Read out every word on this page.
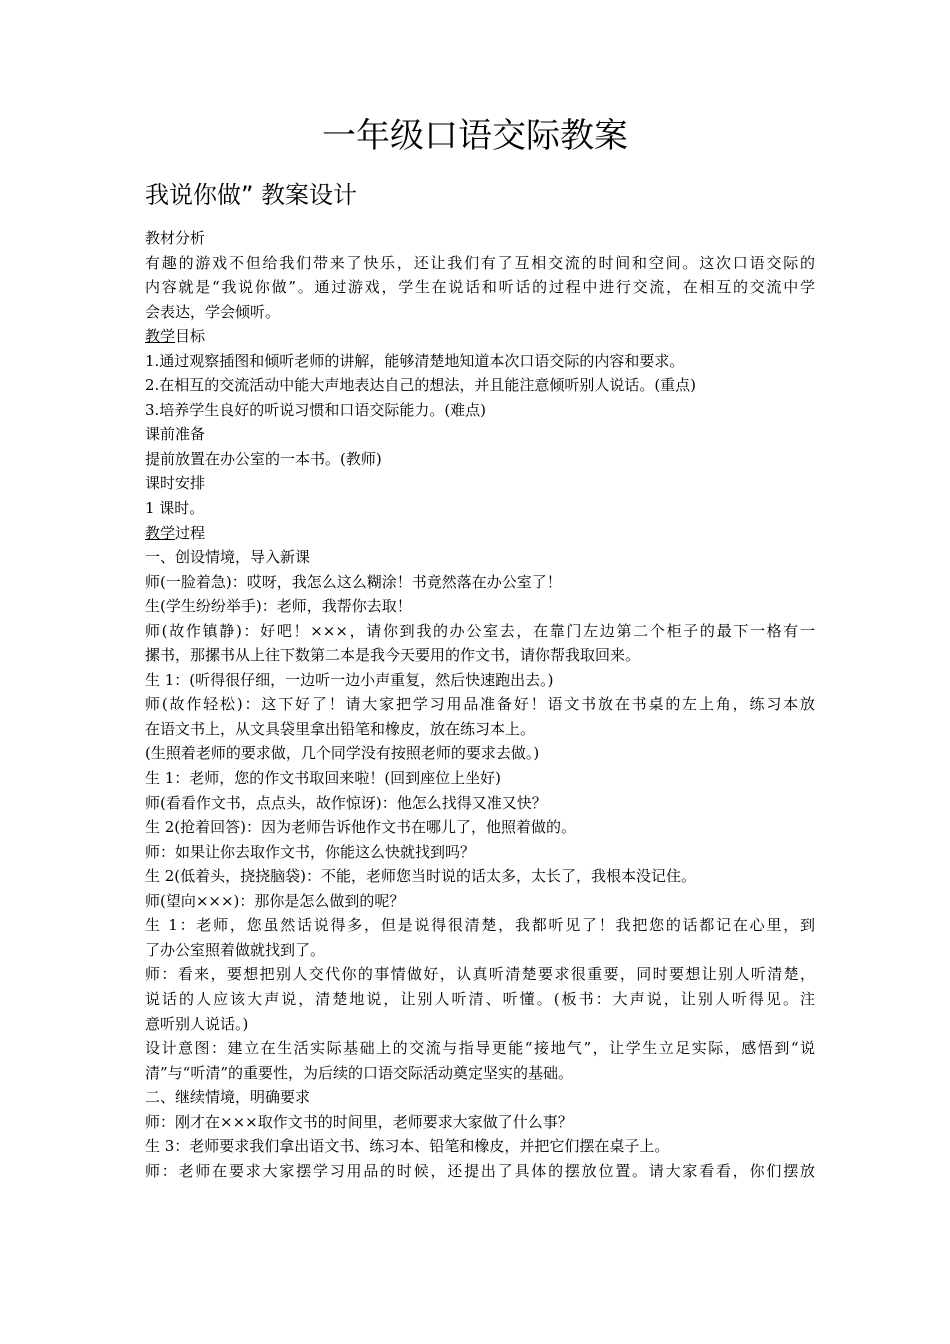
一年级口语交际教案
我说你做” 教案设计
教材分析
有趣的游戏不但给我们带来了快乐，还让我们有了互相交流的时间和空间。这次口语交际的
内容就是“我说你做”。通过游戏，学生在说话和听话的过程中进行交流，在相互的交流中学
会表达，学会倾听。
教学目标
1.通过观察插图和倾听老师的讲解，能够清楚地知道本次口语交际的内容和要求。
2.在相互的交流活动中能大声地表达自己的想法，并且能注意倾听别人说话。(重点)
3.培养学生良好的听说习惯和口语交际能力。(难点)
课前准备
提前放置在办公室的一本书。(教师)
课时安排
1 课时。
教学过程
一、创设情境，导入新课
师(一脸着急)：哎呀，我怎么这么糊涂！书竟然落在办公室了！
生(学生纷纷举手)：老师，我帮你去取！
师(故作镇静)：好吧！×××，请你到我的办公室去，在靠门左边第二个柜子的最下一格有一
摞书，那摞书从上往下数第二本是我今天要用的作文书，请你帮我取回来。
生 1：(听得很仔细，一边听一边小声重复，然后快速跑出去。)
师(故作轻松)：这下好了！请大家把学习用品准备好！语文书放在书桌的左上角，练习本放
在语文书上，从文具袋里拿出铅笔和橡皮，放在练习本上。
(生照着老师的要求做，几个同学没有按照老师的要求去做。)
生 1：老师，您的作文书取回来啦！(回到座位上坐好)
师(看看作文书，点点头，故作惊讶)：他怎么找得又准又快？
生 2(抢着回答)：因为老师告诉他作文书在哪儿了，他照着做的。
师：如果让你去取作文书，你能这么快就找到吗？
生 2(低着头，挠挠脑袋)：不能，老师您当时说的话太多，太长了，我根本没记住。
师(望向×××)：那你是怎么做到的呢？
生 1：老师，您虽然话说得多，但是说得很清楚，我都听见了！我把您的话都记在心里，到
了办公室照着做就找到了。
师：看来，要想把别人交代你的事情做好，认真听清楚要求很重要，同时要想让别人听清楚，
说话的人应该大声说，清楚地说，让别人听清、听懂。(板书：大声说，让别人听得见。注
意听别人说话。)
设计意图：建立在生活实际基础上的交流与指导更能“接地气”，让学生立足实际，感悟到“说
清”与“听清”的重要性，为后续的口语交际活动奠定坚实的基础。
二、继续情境，明确要求
师：刚才在×××取作文书的时间里，老师要求大家做了什么事？
生 3：老师要求我们拿出语文书、练习本、铅笔和橡皮，并把它们摆在桌子上。
师：老师在要求大家摆学习用品的时候，还提出了具体的摆放位置。请大家看看，你们摆放
